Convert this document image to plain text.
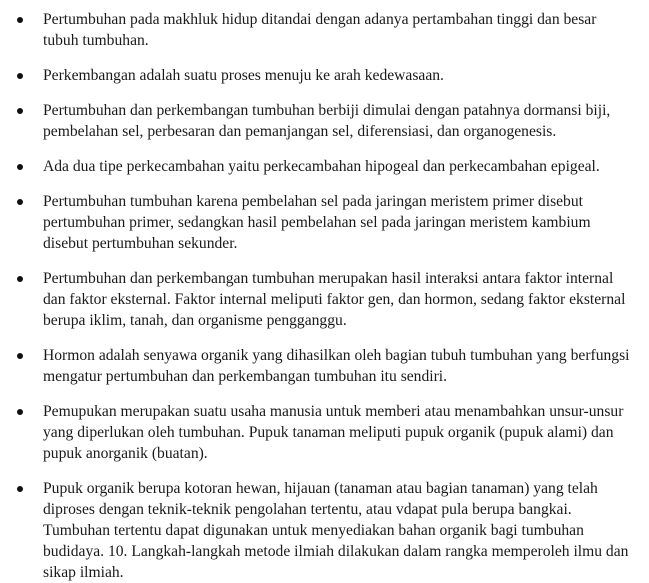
Pertumbuhan pada makhluk hidup ditandai dengan adanya pertambahan tinggi dan besar tubuh tumbuhan.
Perkembangan adalah suatu proses menuju ke arah kedewasaan.
Pertumbuhan dan perkembangan tumbuhan berbiji dimulai dengan patahnya dormansi biji, pembelahan sel, perbesaran dan pemanjangan sel, diferensiasi, dan organogenesis.
Ada dua tipe perkecambahan yaitu perkecambahan hipogeal dan perkecambahan epigeal.
Pertumbuhan tumbuhan karena pembelahan sel pada jaringan meristem primer disebut pertumbuhan primer, sedangkan hasil pembelahan sel pada jaringan meristem kambium disebut pertumbuhan sekunder.
Pertumbuhan dan perkembangan tumbuhan merupakan hasil interaksi antara faktor internal dan faktor eksternal. Faktor internal meliputi faktor gen, dan hormon, sedang faktor eksternal berupa iklim, tanah, dan organisme pengganggu.
Hormon adalah senyawa organik yang dihasilkan oleh bagian tubuh tumbuhan yang berfungsi mengatur pertumbuhan dan perkembangan tumbuhan itu sendiri.
Pemupukan merupakan suatu usaha manusia untuk memberi atau menambahkan unsur-unsur yang diperlukan oleh tumbuhan. Pupuk tanaman meliputi pupuk organik (pupuk alami) dan pupuk anorganik (buatan).
Pupuk organik berupa kotoran hewan, hijauan (tanaman atau bagian tanaman) yang telah diproses dengan teknik-teknik pengolahan tertentu, atau vdapat pula berupa bangkai. Tumbuhan tertentu dapat digunakan untuk menyediakan bahan organik bagi tumbuhan budidaya. 10. Langkah-langkah metode ilmiah dilakukan dalam rangka memperoleh ilmu dan sikap ilmiah.
